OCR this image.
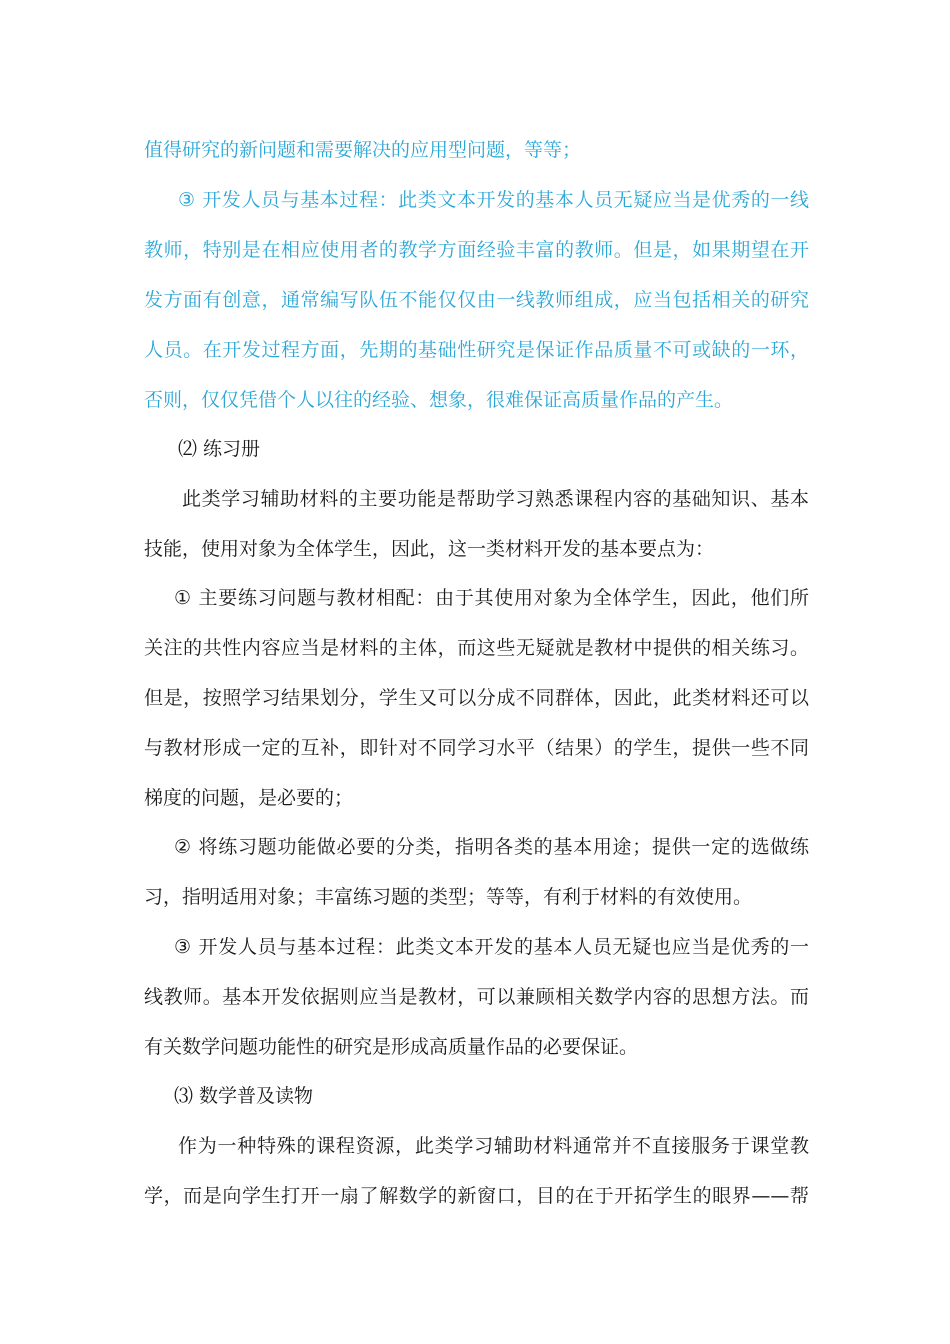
值得研究的新问题和需要解决的应用型问题，等等；
③ 开发人员与基本过程：此类文本开发的基本人员无疑应当是优秀的一线
教师，特别是在相应使用者的教学方面经验丰富的教师。但是，如果期望在开
发方面有创意，通常编写队伍不能仅仅由一线教师组成，应当包括相关的研究
人员。在开发过程方面，先期的基础性研究是保证作品质量不可或缺的一环，
否则，仅仅凭借个人以往的经验、想象，很难保证高质量作品的产生。
⑵ 练习册
此类学习辅助材料的主要功能是帮助学习熟悉课程内容的基础知识、基本
技能，使用对象为全体学生，因此，这一类材料开发的基本要点为：
① 主要练习问题与教材相配：由于其使用对象为全体学生，因此，他们所
关注的共性内容应当是材料的主体，而这些无疑就是教材中提供的相关练习。
但是，按照学习结果划分，学生又可以分成不同群体，因此，此类材料还可以
与教材形成一定的互补，即针对不同学习水平（结果）的学生，提供一些不同
梯度的问题，是必要的；
② 将练习题功能做必要的分类，指明各类的基本用途；提供一定的选做练
习，指明适用对象；丰富练习题的类型；等等，有利于材料的有效使用。
③ 开发人员与基本过程：此类文本开发的基本人员无疑也应当是优秀的一
线教师。基本开发依据则应当是教材，可以兼顾相关数学内容的思想方法。而
有关数学问题功能性的研究是形成高质量作品的必要保证。
⑶ 数学普及读物
作为一种特殊的课程资源，此类学习辅助材料通常并不直接服务于课堂教
学，而是向学生打开一扇了解数学的新窗口，目的在于开拓学生的眼界——帮
